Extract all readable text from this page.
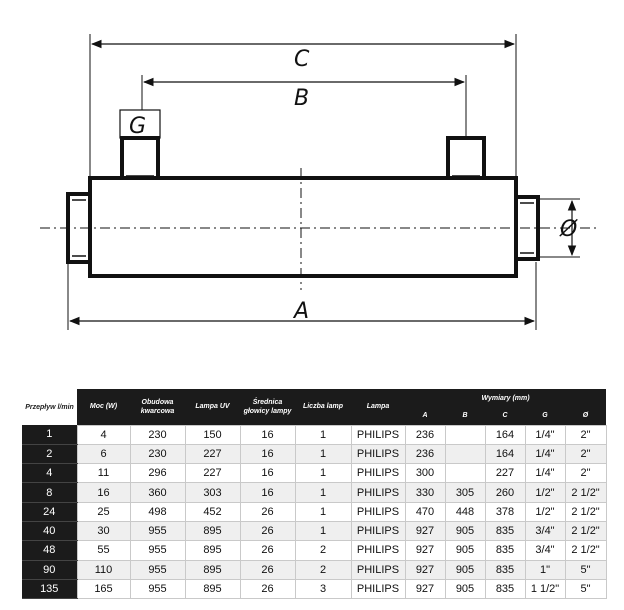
C
B
G
A
Ø
Przepływ l/min	Moc (W)	Obudowa kwarcowa	Lampa UV	Średnica głowicy lampy	Liczba lamp	Lampa	Wymiary (mm)				
							A	B	C	G	Ø
1	4	230	150	16	1	PHILIPS	236		164	1/4"	2"
2	6	230	227	16	1	PHILIPS	236		164	1/4"	2"
4	11	296	227	16	1	PHILIPS	300		227	1/4"	2"
8	16	360	303	16	1	PHILIPS	330	305	260	1/2"	2 1/2"
24	25	498	452	26	1	PHILIPS	470	448	378	1/2"	2 1/2"
40	30	955	895	26	1	PHILIPS	927	905	835	3/4"	2 1/2"
48	55	955	895	26	2	PHILIPS	927	905	835	3/4"	2 1/2"
90	110	955	895	26	2	PHILIPS	927	905	835	1"	5"
135	165	955	895	26	3	PHILIPS	927	905	835	1 1/2"	5"
